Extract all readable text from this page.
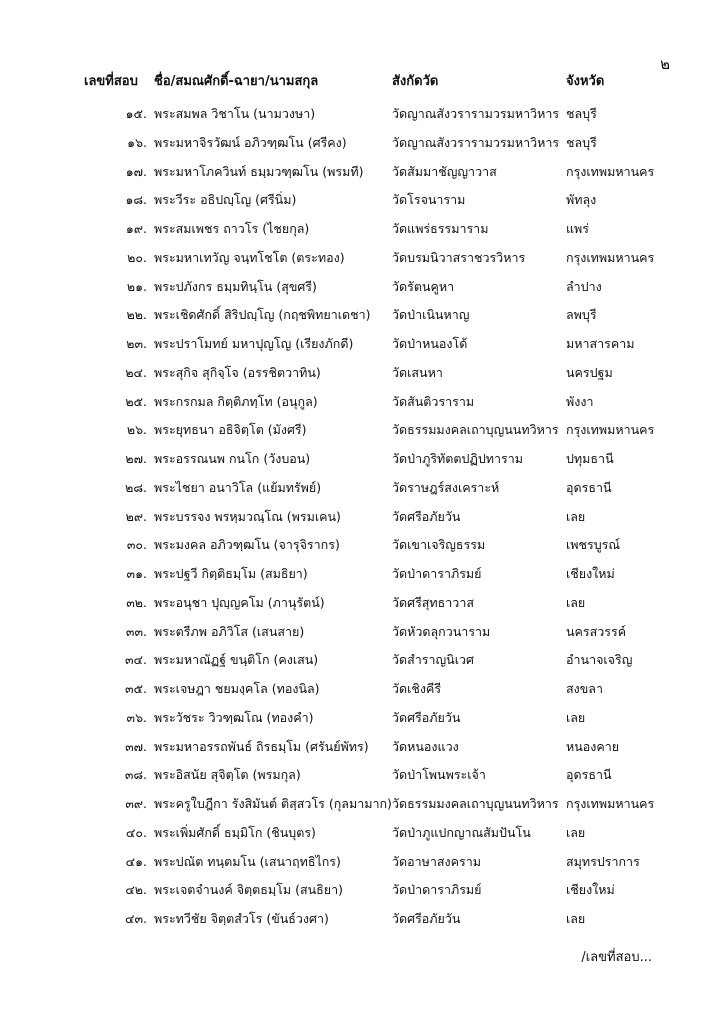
๒
เลขที่สอบ ชื่อ/สมณศักดิ์-ฉายา/นามสกุล	สังกัดวัด	จังหวัด
๑๕. พระสมพล วิชาโน (นามวงษา)	วัดญาณสังวรารามวรมหาวิหาร ชลบุรี
๑๖. พระมหาจิรวัฒน์ อภิวฑฺฒโน (ศรีคง)	วัดญาณสังวรารามวรมหาวิหาร ชลบุรี
๑๗. พระมหาโภควินท์ ธมฺมวฑฺฒโน (พรมที) วัดสัมมาชัญญาวาส	กรุงเทพมหานคร
๑๘. พระวีระ อธิปญฺโญ (ศรีนิ่ม)	วัดโรจนาราม	พัทลุง
๑๙. พระสมเพชร ถาวโร (ไชยกุล)	วัดแพร่ธรรมาราม	แพร่
๒๐. พระมหาเทวัญ จนฺทโชโต (ตระทอง)	วัดบรมนิวาสราชวรวิหาร	กรุงเทพมหานคร
๒๑. พระปภังกร ธมฺมทินฺโน (สุขศรี)	วัดรัตนคูหา	ลำปาง
๒๒. พระเชิดศักดิ์ สิริปญฺโญ (กฤชพิทยาเดชา) วัดป่าเนินหาญ	ลพบุรี
๒๓. พระปราโมทย์ มหาปุญโญ (เรียงภักดี)	วัดป่าหนองโด้	มหาสารคาม
๒๔. พระสุกิจ สุกิจฺโจ (อรรชิตวาทิน)	วัดเสนหา	นครปฐม
๒๕. พระกรกมล กิตฺติภทฺโท (อนุกูล)	วัดสันติวราราม	พังงา
๒๖. พระยุทธนา อธิจิตฺโต (มังศรี)	วัดธรรมมงคลเถาบุญนนทวิหาร กรุงเทพมหานคร
๒๗. พระอรรณนพ กนโก (วังบอน)	วัดป่าภูริทัตตปฏิปทาราม	ปทุมธานี
๒๘. พระไชยา อนาวิโล (แย้มทรัพย์)	วัดราษฎร์สงเคราะห์	อุดรธานี
๒๙. พระบรรจง พรหฺมวณฺโณ (พรมเคน)	วัดศรีอภัยวัน	เลย
๓๐. พระมงคล อภิวฑฺฒโน (จารุจิรากร)	วัดเขาเจริญธรรม	เพชรบูรณ์
๓๑. พระปฐวี กิตฺติธมฺโม (สมธิยา)	วัดป่าดาราภิรมย์	เชียงใหม่
๓๒. พระอนุชา ปุญฺญคโม (ภานุรัตน์)	วัดศรีสุทธาวาส	เลย
๓๓. พระตรีภพ อภิวิโส (เสนสาย)	วัดหัวดลุกวนาราม	นครสวรรค์
๓๔. พระมหาณัฏฐ์ ขนฺติโก (คงเสน)	วัดสำราญนิเวศ	อำนาจเจริญ
๓๕. พระเจษฎา ชยมงฺคโล (ทองนิล)	วัดเชิงคีรี	สงขลา
๓๖. พระวัชระ วิวฑฺฒโณ (ทองคำ)	วัดศรีอภัยวัน	เลย
๓๗. พระมหาอรรถพันธ์ ถิรธมฺโม (ศรันย์พัทร) วัดหนองแวง	หนองคาย
๓๘. พระอิสนัย สุจิตฺโต (พรมกุล)	วัดป่าโพนพระเจ้า	อุดรธานี
๓๙. พระครูใบฎีกา รังสิมันต์ ติสฺสวโร (กุลมามาก) วัดธรรมมงคลเถาบุญนนทวิหาร กรุงเทพมหานคร
๔๐. พระเพิ่มศักดิ์ ธมฺมิโก (ชินบุตร)	วัดป่าภูแปกญาณสัมปันโน	เลย
๔๑. พระปณัต ทนฺตมโน (เสนาฤทธิไกร)	วัดอาษาสงคราม	สมุทรปราการ
๔๒. พระเจตจำนงค์ จิตฺตธมฺโม (สนธิยา)	วัดป่าดาราภิรมย์	เชียงใหม่
๔๓. พระทวีชัย จิตฺตสํวโร (ขันธ์วงศา)	วัดศรีอภัยวัน	เลย
/เลขที่สอบ...
